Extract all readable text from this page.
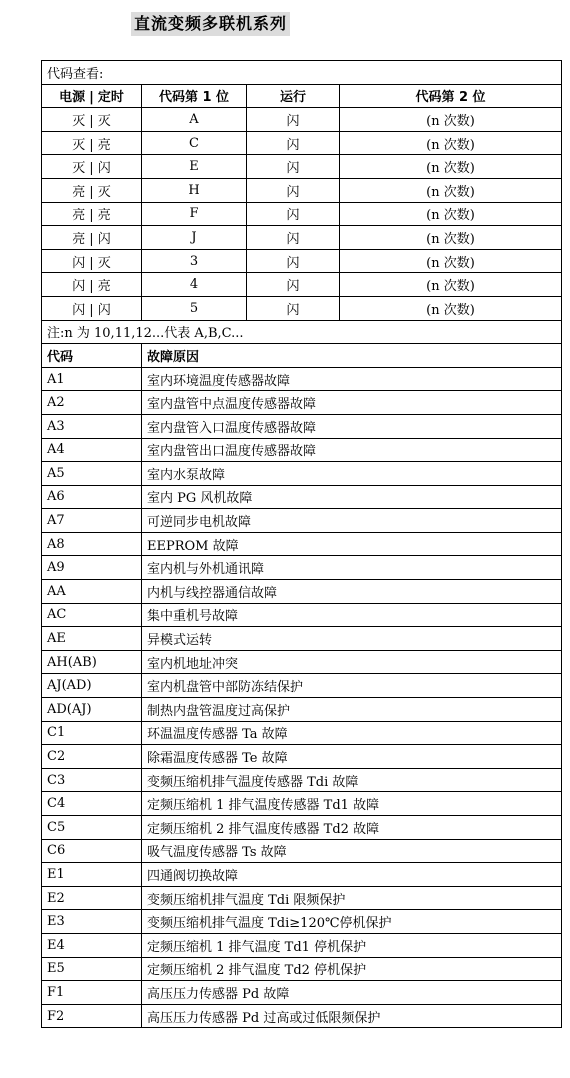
直流变频多联机系列
代码查看:			
电源 | 定时	代码第 1 位	运行	代码第 2 位
灭 | 灭	A	闪	(n 次数)
灭 | 亮	C	闪	(n 次数)
灭 | 闪	E	闪	(n 次数)
亮 | 灭	H	闪	(n 次数)
亮 | 亮	F	闪	(n 次数)
亮 | 闪	J	闪	(n 次数)
闪 | 灭	3	闪	(n 次数)
闪 | 亮	4	闪	(n 次数)
闪 | 闪	5	闪	(n 次数)
注:n 为 10,11,12...代表 A,B,C...			
代码	故障原因		
A1	室内环境温度传感器故障		
A2	室内盘管中点温度传感器故障		
A3	室内盘管入口温度传感器故障		
A4	室内盘管出口温度传感器故障		
A5	室内水泵故障		
A6	室内 PG 风机故障		
A7	可逆同步电机故障		
A8	EEPROM 故障		
A9	室内机与外机通讯障		
AA	内机与线控器通信故障		
AC	集中重机号故障		
AE	异模式运转		
AH(AB)	室内机地址冲突		
AJ(AD)	室内机盘管中部防冻结保护		
AD(AJ)	制热内盘管温度过高保护		
C1	环温温度传感器 Ta 故障		
C2	除霜温度传感器 Te 故障		
C3	变频压缩机排气温度传感器 Tdi 故障		
C4	定频压缩机 1 排气温度传感器 Td1 故障		
C5	定频压缩机 2 排气温度传感器 Td2 故障		
C6	吸气温度传感器 Ts 故障		
E1	四通阀切换故障		
E2	变频压缩机排气温度 Tdi 限频保护		
E3	变频压缩机排气温度 Tdi≥120℃停机保护		
E4	定频压缩机 1 排气温度 Td1 停机保护		
E5	定频压缩机 2 排气温度 Td2 停机保护		
F1	高压压力传感器 Pd 故障		
F2	高压压力传感器 Pd 过高或过低限频保护		
